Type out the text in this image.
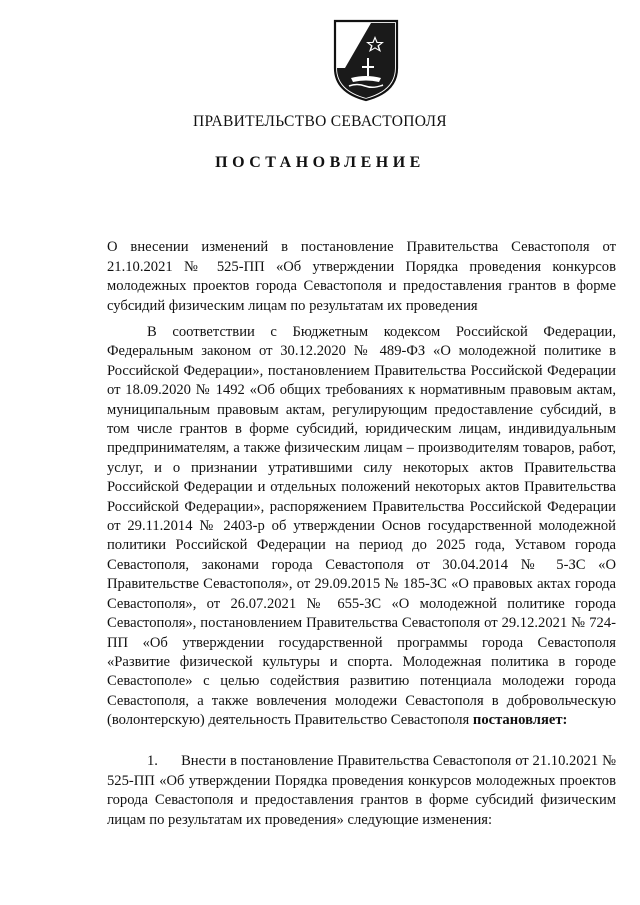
ПРАВИТЕЛЬСТВО СЕВАСТОПОЛЯ
ПОСТАНОВЛЕНИЕ
О внесении изменений в постановление Правительства Севастополя от 21.10.2021 № 525-ПП «Об утверждении Порядка проведения конкурсов молодежных проектов города Севастополя и предоставления грантов в форме субсидий физическим лицам по результатам их проведения
В соответствии с Бюджетным кодексом Российской Федерации, Федеральным законом от 30.12.2020 № 489-ФЗ «О молодежной политике в Российской Федерации», постановлением Правительства Российской Федерации от 18.09.2020 № 1492 «Об общих требованиях к нормативным правовым актам, муниципальным правовым актам, регулирующим предоставление субсидий, в том числе грантов в форме субсидий, юридическим лицам, индивидуальным предпринимателям, а также физическим лицам – производителям товаров, работ, услуг, и о признании утратившими силу некоторых актов Правительства Российской Федерации и отдельных положений некоторых актов Правительства Российской Федерации», распоряжением Правительства Российской Федерации от 29.11.2014 № 2403-р об утверждении Основ государственной молодежной политики Российской Федерации на период до 2025 года, Уставом города Севастополя, законами города Севастополя от 30.04.2014 № 5-ЗС «О Правительстве Севастополя», от 29.09.2015 № 185-ЗС «О правовых актах города Севастополя», от 26.07.2021 № 655-ЗС «О молодежной политике города Севастополя», постановлением Правительства Севастополя от 29.12.2021 № 724-ПП «Об утверждении государственной программы города Севастополя «Развитие физической культуры и спорта. Молодежная политика в городе Севастополе» с целью содействия развитию потенциала молодежи города Севастополя, а также вовлечения молодежи Севастополя в добровольческую (волонтерскую) деятельность Правительство Севастополя постановляет:
1. Внести в постановление Правительства Севастополя от 21.10.2021 № 525-ПП «Об утверждении Порядка проведения конкурсов молодежных проектов города Севастополя и предоставления грантов в форме субсидий физическим лицам по результатам их проведения» следующие изменения:
